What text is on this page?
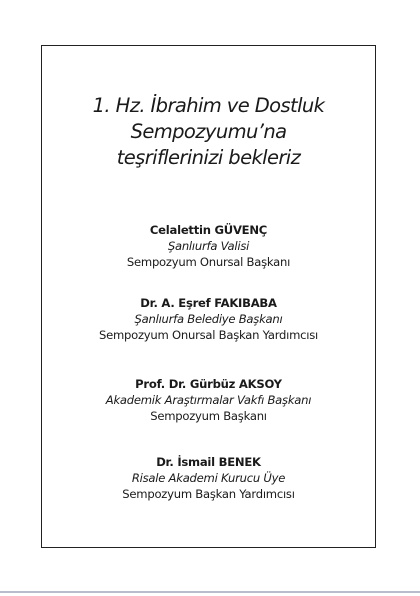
1. Hz. İbrahim ve Dostluk
Sempozyumu’na
teşriflerinizi bekleriz
Celalettin GÜVENÇ
Şanlıurfa Valisi
Sempozyum Onursal Başkanı
Dr. A. Eşref FAKIBABA
Şanlıurfa Belediye Başkanı
Sempozyum Onursal Başkan Yardımcısı
Prof. Dr. Gürbüz AKSOY
Akademik Araştırmalar Vakfı Başkanı
Sempozyum Başkanı
Dr. İsmail BENEK
Risale Akademi Kurucu Üye
Sempozyum Başkan Yardımcısı
